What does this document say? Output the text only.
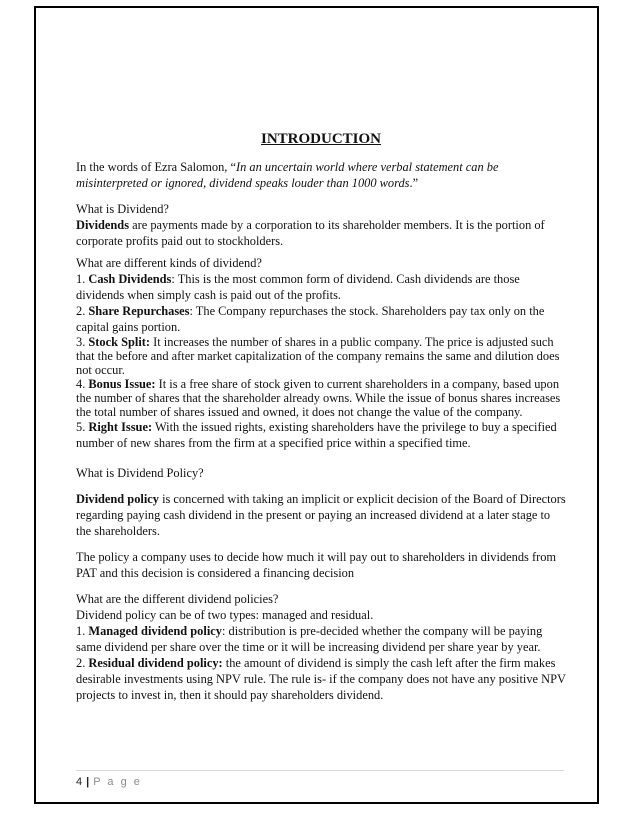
INTRODUCTION

In the words of Ezra Salomon, “In an uncertain world where verbal statement can be misinterpreted or ignored, dividend speaks louder than 1000 words.”

What is Dividend?

Dividends are payments made by a corporation to its shareholder members. It is the portion of corporate profits paid out to stockholders.

What are different kinds of dividend?

1. Cash Dividends: This is the most common form of dividend. Cash dividends are those dividends when simply cash is paid out of the profits.

2. Share Repurchases: The Company repurchases the stock. Shareholders pay tax only on the capital gains portion.

3. Stock Split: It increases the number of shares in a public company. The price is adjusted such that the before and after market capitalization of the company remains the same and dilution does not occur.

4. Bonus Issue: It is a free share of stock given to current shareholders in a company, based upon the number of shares that the shareholder already owns. While the issue of bonus shares increases the total number of shares issued and owned, it does not change the value of the company.

5. Right Issue: With the issued rights, existing shareholders have the privilege to buy a specified number of new shares from the firm at a specified price within a specified time.

What is Dividend Policy?

Dividend policy is concerned with taking an implicit or explicit decision of the Board of Directors regarding paying cash dividend in the present or paying an increased dividend at a later stage to the shareholders.

The policy a company uses to decide how much it will pay out to shareholders in dividends from PAT and this decision is considered a financing decision

What are the different dividend policies?

Dividend policy can be of two types: managed and residual.

1. Managed dividend policy: distribution is pre-decided whether the company will be paying same dividend per share over the time or it will be increasing dividend per share year by year.

2. Residual dividend policy: the amount of dividend is simply the cash left after the firm makes desirable investments using NPV rule. The rule is- if the company does not have any positive NPV projects to invest in, then it should pay shareholders dividend.

4 | P a g e
